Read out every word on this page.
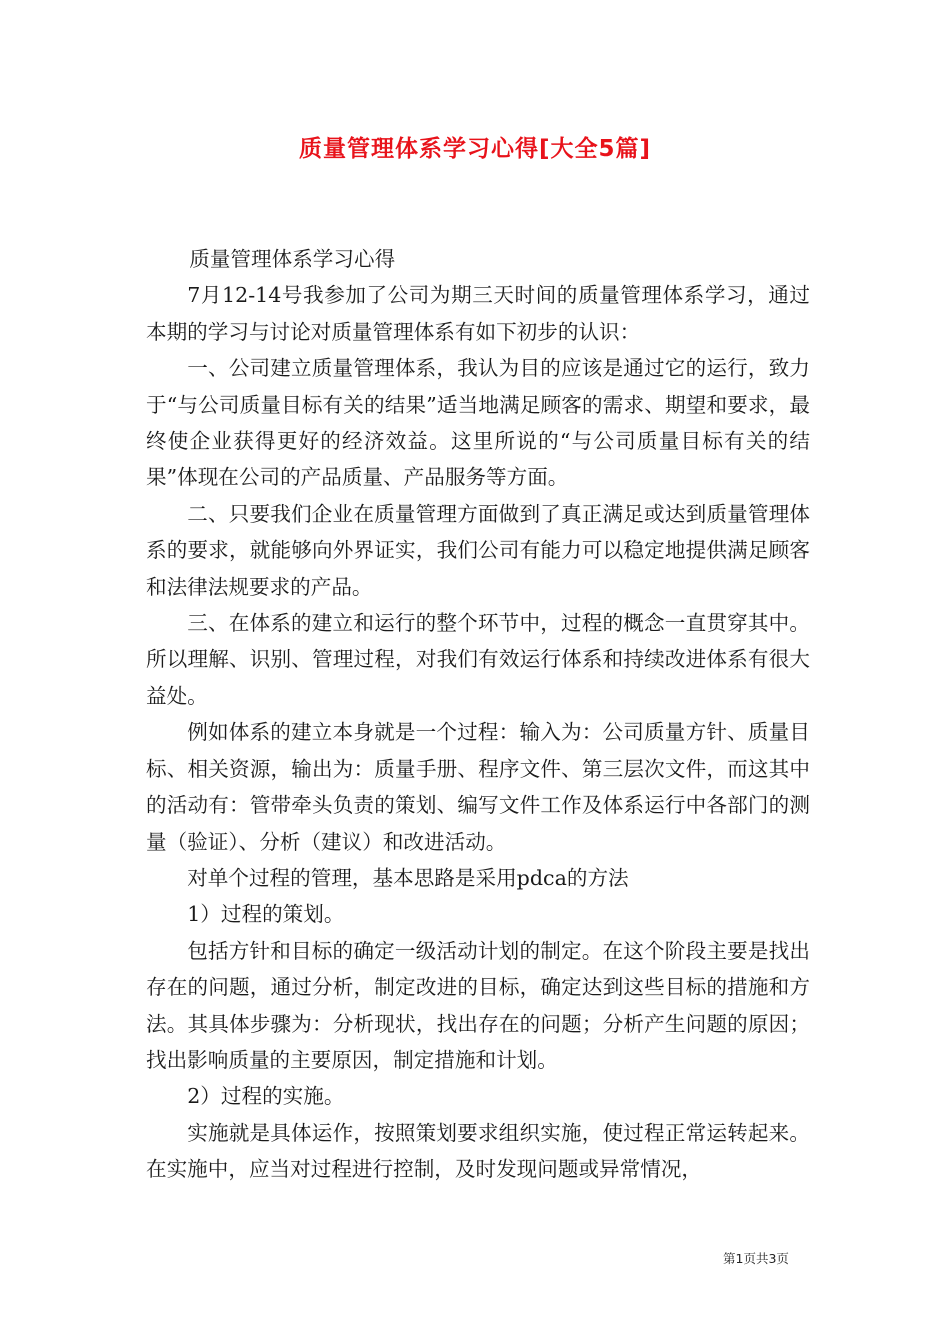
质量管理体系学习心得[大全5篇]

质量管理体系学习心得

7月12-14号我参加了公司为期三天时间的质量管理体系学习，通过本期的学习与讨论对质量管理体系有如下初步的认识：

一、公司建立质量管理体系，我认为目的应该是通过它的运行，致力于“与公司质量目标有关的结果”适当地满足顾客的需求、期望和要求，最终使企业获得更好的经济效益。这里所说的“与公司质量目标有关的结果”体现在公司的产品质量、产品服务等方面。

二、只要我们企业在质量管理方面做到了真正满足或达到质量管理体系的要求，就能够向外界证实，我们公司有能力可以稳定地提供满足顾客和法律法规要求的产品。

三、在体系的建立和运行的整个环节中，过程的概念一直贯穿其中。所以理解、识别、管理过程，对我们有效运行体系和持续改进体系有很大益处。

例如体系的建立本身就是一个过程：输入为：公司质量方针、质量目标、相关资源，输出为：质量手册、程序文件、第三层次文件，而这其中的活动有：管带牵头负责的策划、编写文件工作及体系运行中各部门的测量（验证）、分析（建议）和改进活动。

对单个过程的管理，基本思路是采用pdca的方法

1）过程的策划。

包括方针和目标的确定一级活动计划的制定。在这个阶段主要是找出存在的问题，通过分析，制定改进的目标，确定达到这些目标的措施和方法。其具体步骤为：分析现状，找出存在的问题；分析产生问题的原因；找出影响质量的主要原因，制定措施和计划。

2）过程的实施。

实施就是具体运作，按照策划要求组织实施，使过程正常运转起来。在实施中，应当对过程进行控制，及时发现问题或异常情况，

第1页共3页
